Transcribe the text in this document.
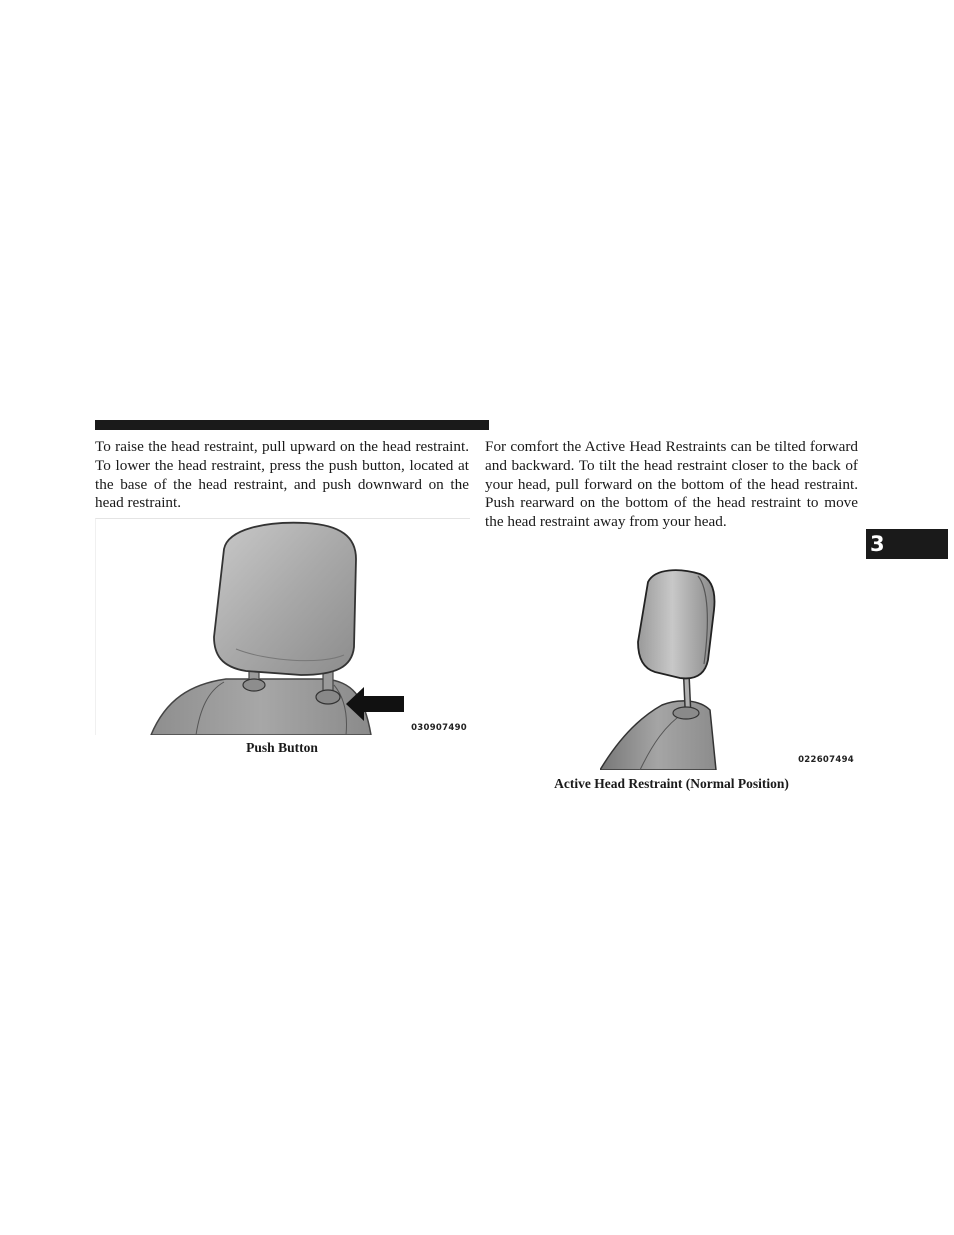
To raise the head restraint, pull upward on the head restraint. To lower the head restraint, press the push button, located at the base of the head restraint, and push downward on the head restraint.

For comfort the Active Head Restraints can be tilted forward and backward. To tilt the head restraint closer to the back of your head, pull forward on the bottom of the head restraint. Push rearward on the bottom of the head restraint to move the head restraint away from your head.

030907490

Push Button

022607494

Active Head Restraint (Normal Position)

3
